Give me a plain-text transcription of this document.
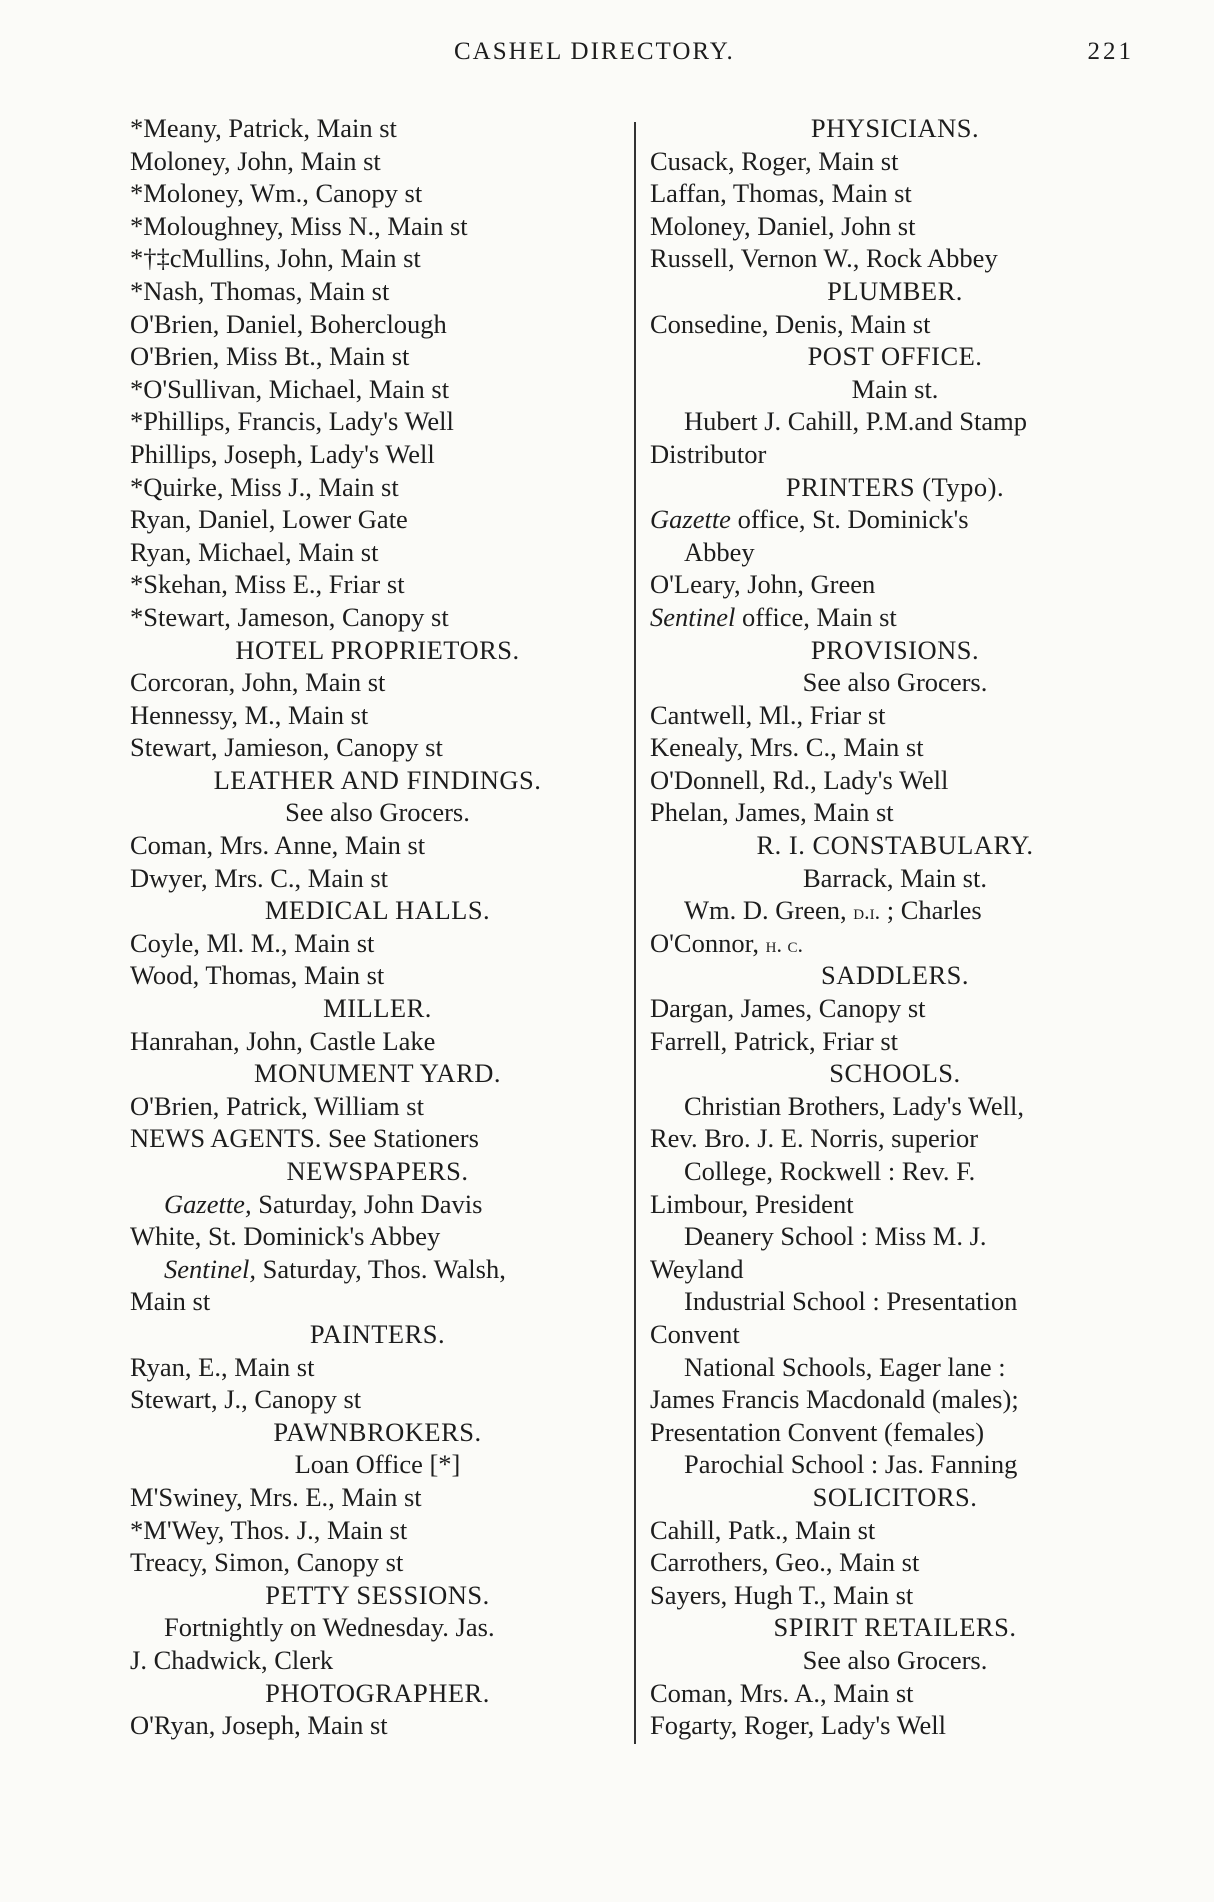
CASHEL DIRECTORY.	221
*Meany, Patrick, Main st
Moloney, John, Main st
*Moloney, Wm., Canopy st
*Moloughney, Miss N., Main st
*†‡cMullins, John, Main st
*Nash, Thomas, Main st
O'Brien, Daniel, Boherclough
O'Brien, Miss Bt., Main st
*O'Sullivan, Michael, Main st
*Phillips, Francis, Lady's Well
Phillips, Joseph, Lady's Well
*Quirke, Miss J., Main st
Ryan, Daniel, Lower Gate
Ryan, Michael, Main st
*Skehan, Miss E., Friar st
*Stewart, Jameson, Canopy st
HOTEL PROPRIETORS.
Corcoran, John, Main st
Hennessy, M., Main st
Stewart, Jamieson, Canopy st
LEATHER AND FINDINGS.
See also Grocers.
Coman, Mrs. Anne, Main st
Dwyer, Mrs. C., Main st
MEDICAL HALLS.
Coyle, Ml. M., Main st
Wood, Thomas, Main st
MILLER.
Hanrahan, John, Castle Lake
MONUMENT YARD.
O'Brien, Patrick, William st
NEWS AGENTS. See Stationers
NEWSPAPERS.
Gazette, Saturday, John Davis
White, St. Dominick's Abbey
Sentinel, Saturday, Thos. Walsh,
Main st
PAINTERS.
Ryan, E., Main st
Stewart, J., Canopy st
PAWNBROKERS.
Loan Office [*]
M'Swiney, Mrs. E., Main st
*M'Wey, Thos. J., Main st
Treacy, Simon, Canopy st
PETTY SESSIONS.
Fortnightly on Wednesday. Jas.
J. Chadwick, Clerk
PHOTOGRAPHER.
O'Ryan, Joseph, Main st
PHYSICIANS.
Cusack, Roger, Main st
Laffan, Thomas, Main st
Moloney, Daniel, John st
Russell, Vernon W., Rock Abbey
PLUMBER.
Consedine, Denis, Main st
POST OFFICE.
Main st.
Hubert J. Cahill, P.M.and Stamp
Distributor
PRINTERS (Typo).
Gazette office, St. Dominick's
Abbey
O'Leary, John, Green
Sentinel office, Main st
PROVISIONS.
See also Grocers.
Cantwell, Ml., Friar st
Kenealy, Mrs. C., Main st
O'Donnell, Rd., Lady's Well
Phelan, James, Main st
R. I. CONSTABULARY.
Barrack, Main st.
Wm. D. Green, d.i. ; Charles
O'Connor, h. c.
SADDLERS.
Dargan, James, Canopy st
Farrell, Patrick, Friar st
SCHOOLS.
Christian Brothers, Lady's Well,
Rev. Bro. J. E. Norris, superior
College, Rockwell : Rev. F.
Limbour, President
Deanery School : Miss M. J.
Weyland
Industrial School : Presentation
Convent
National Schools, Eager lane :
James Francis Macdonald (males);
Presentation Convent (females)
Parochial School : Jas. Fanning
SOLICITORS.
Cahill, Patk., Main st
Carrothers, Geo., Main st
Sayers, Hugh T., Main st
SPIRIT RETAILERS.
See also Grocers.
Coman, Mrs. A., Main st
Fogarty, Roger, Lady's Well
